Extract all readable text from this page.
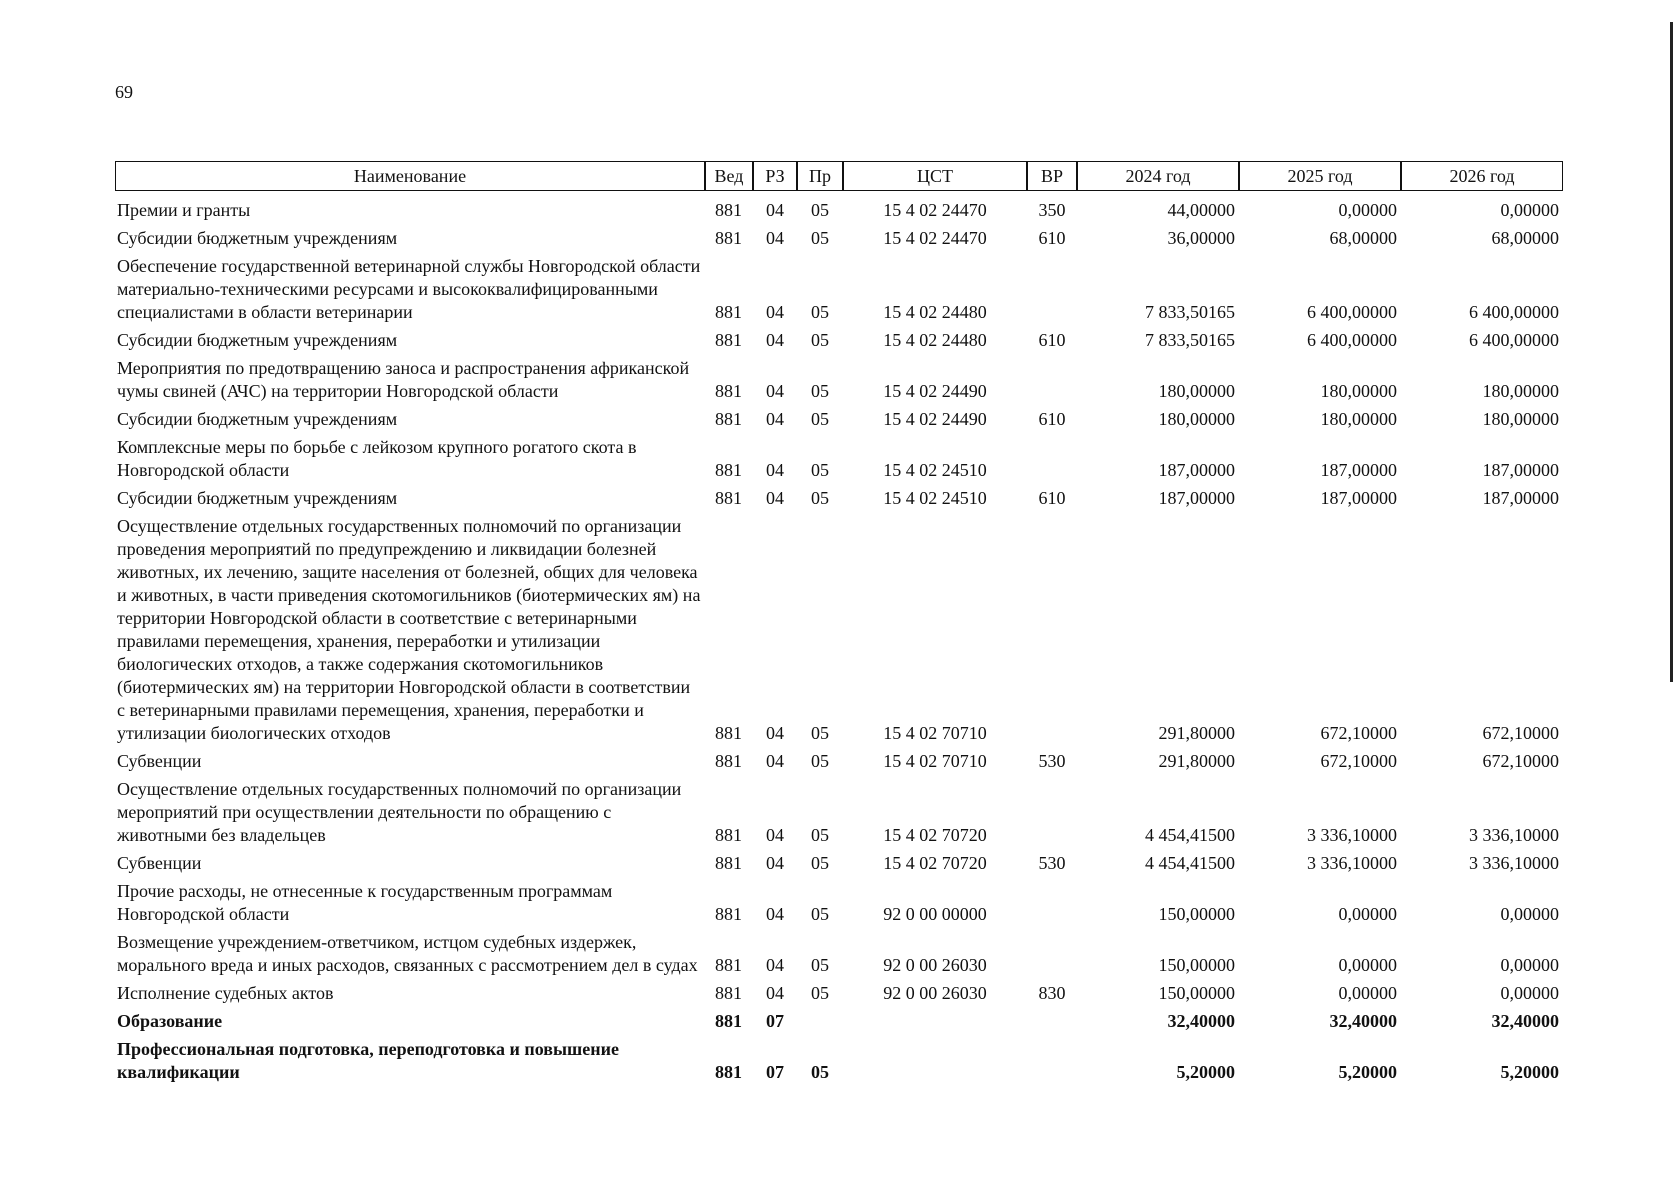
69
Наименование	Вед	РЗ	Пр	ЦСТ	ВР	2024 год	2025 год	2026 год
Премии и гранты	881	04	05	15 4 02 24470	350	44,00000	0,00000	0,00000
Субсидии бюджетным учреждениям	881	04	05	15 4 02 24470	610	36,00000	68,00000	68,00000
Обеспечение государственной ветеринарной службы Новгородской области материально-техническими ресурсами и высококвалифицированными специалистами в области ветеринарии	881	04	05	15 4 02 24480		7 833,50165	6 400,00000	6 400,00000
Субсидии бюджетным учреждениям	881	04	05	15 4 02 24480	610	7 833,50165	6 400,00000	6 400,00000
Мероприятия по предотвращению заноса и распространения африканской чумы свиней (АЧС) на территории Новгородской области	881	04	05	15 4 02 24490		180,00000	180,00000	180,00000
Субсидии бюджетным учреждениям	881	04	05	15 4 02 24490	610	180,00000	180,00000	180,00000
Комплексные меры по борьбе с лейкозом крупного рогатого скота в Новгородской области	881	04	05	15 4 02 24510		187,00000	187,00000	187,00000
Субсидии бюджетным учреждениям	881	04	05	15 4 02 24510	610	187,00000	187,00000	187,00000
Осуществление отдельных государственных полномочий по организации проведения мероприятий по предупреждению и ликвидации болезней животных, их лечению, защите населения от болезней, общих для человека и животных, в части приведения скотомогильников (биотермических ям) на территории Новгородской области в соответствие с ветеринарными правилами перемещения, хранения, переработки и утилизации биологических отходов, а также содержания скотомогильников (биотермических ям) на территории Новгородской области в соответствии с ветеринарными правилами перемещения, хранения, переработки и утилизации биологических отходов	881	04	05	15 4 02 70710		291,80000	672,10000	672,10000
Субвенции	881	04	05	15 4 02 70710	530	291,80000	672,10000	672,10000
Осуществление отдельных государственных полномочий по организации мероприятий при осуществлении деятельности по обращению с животными без владельцев	881	04	05	15 4 02 70720		4 454,41500	3 336,10000	3 336,10000
Субвенции	881	04	05	15 4 02 70720	530	4 454,41500	3 336,10000	3 336,10000
Прочие расходы, не отнесенные к государственным программам Новгородской области	881	04	05	92 0 00 00000		150,00000	0,00000	0,00000
Возмещение учреждением-ответчиком, истцом судебных издержек, морального вреда и иных расходов, связанных с рассмотрением дел в судах	881	04	05	92 0 00 26030		150,00000	0,00000	0,00000
Исполнение судебных актов	881	04	05	92 0 00 26030	830	150,00000	0,00000	0,00000
Образование	881	07				32,40000	32,40000	32,40000
Профессиональная подготовка, переподготовка и повышение квалификации	881	07	05			5,20000	5,20000	5,20000
